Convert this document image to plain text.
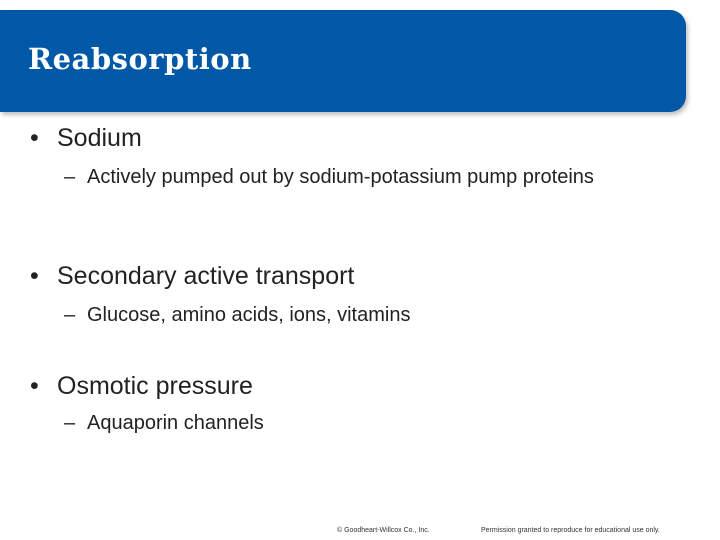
Reabsorption
• Sodium
– Actively pumped out by sodium-potassium pump proteins
• Secondary active transport
– Glucose, amino acids, ions, vitamins
• Osmotic pressure
– Aquaporin channels
© Goodheart-Willcox Co., Inc.	Permission granted to reproduce for educational use only.
